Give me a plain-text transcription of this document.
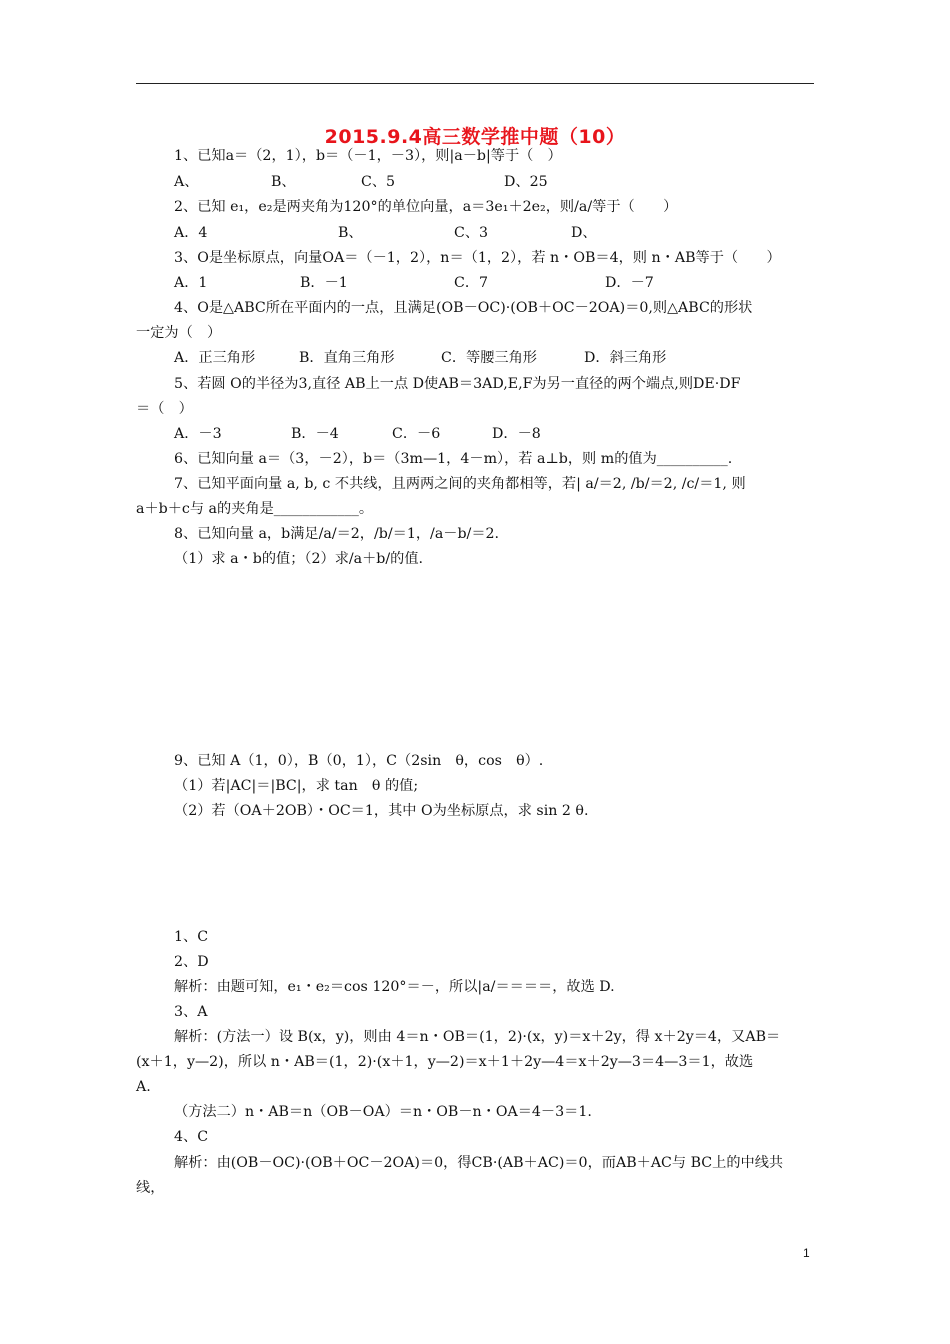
2015.9.4高三数学推中题（10）
1、已知a＝（2，1），b＝（－1，－3），则|a－b|等于（　）
A、	B、	C、5	D、25
2、已知 e₁，e₂是两夹角为120°的单位向量，a＝3e₁＋2e₂，则/a/等于（　　）
A．4	B、	C、3	D、
3、O是坐标原点，向量OA＝（－1，2），n＝（1，2），若 n・OB＝4，则 n・AB等于（　　）
A．1	B．－1	C．7	D．－7
4、O是△ABC所在平面内的一点，且满足(OB－OC)·(OB＋OC－2OA)＝0,则△ABC的形状
一定为（　）
A．正三角形	B．直角三角形	C．等腰三角形	D．斜三角形
5、若圆 O的半径为3,直径 AB上一点 D使AB＝3AD,E,F为另一直径的两个端点,则DE·DF
＝（　）
A．－3	B．－4	C．－6	D．－8
6、已知向量 a＝（3，－2），b＝（3m—1，4－m），若 a⊥b，则 m的值为__________.
7、已知平面向量 a, b, c 不共线，且两两之间的夹角都相等，若| a/＝2, /b/＝2, /c/＝1, 则
a＋b＋c与 a的夹角是____________。
8、已知向量 a，b满足/a/＝2，/b/＝1，/a－b/＝2.
（1）求 a・b的值；（2）求/a＋b/的值.
9、已知 A（1，0），B（0，1），C（2sin　θ，cos　θ）.
（1）若|AC|＝|BC|，求 tan　θ 的值;
（2）若（OA＋2OB）・OC＝1，其中 O为坐标原点，求 sin 2 θ.
1、C
2、D
解析：由题可知，e₁・e₂＝cos 120°＝－，所以|a/＝＝＝＝，故选 D.
3、A
解析：(方法一）设 B(x，y)，则由 4＝n・OB＝(1，2)·(x，y)＝x＋2y，得 x＋2y＝4，又AB＝
(x＋1，y—2)，所以 n・AB＝(1，2)·(x＋1，y—2)＝x＋1＋2y—4＝x＋2y—3＝4—3＝1，故选
A.
（方法二）n・AB＝n（OB－OA）＝n・OB－n・OA＝4－3＝1.
4、C
解析：由(OB－OC)·(OB＋OC－2OA)＝0，得CB·(AB＋AC)＝0，而AB＋AC与 BC上的中线共
线，
1
